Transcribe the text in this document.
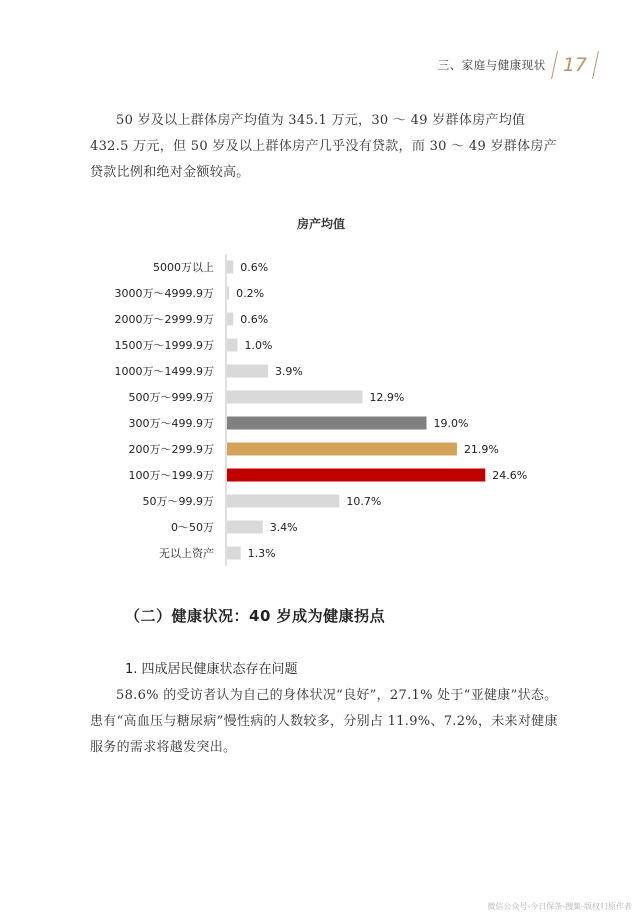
三、家庭与健康现状 17

50 岁及以上群体房产均值为 345.1 万元，30 ～ 49 岁群体房产均值 432.5 万元，但 50 岁及以上群体房产几乎没有贷款，而 30 ～ 49 岁群体房产贷款比例和绝对金额较高。

房产均值
5000万以上 0.6%
3000万～4999.9万 0.2%
2000万～2999.9万 0.6%
1500万～1999.9万	1.0%
1000万～1499.9万	3.9%
500万～999.9万	12.9%
300万～499.9万	19.0%
200万～299.9万	21.9%
100万～199.9万	24.6%
50万～99.9万	10.7%
0～50万	3.4%
无以上资产	1.3%
（二）健康状况：40 岁成为健康拐点
1. 四成居民健康状态存在问题

58.6% 的受访者认为自己的身体状况“良好”，27.1% 处于“亚健康”状态。患有“高血压与糖尿病”慢性病的人数较多，分别占 11.9%、7.2%，未来对健康服务的需求将越发突出。

微信公众号-今日保条-搜集-版权归原作者
